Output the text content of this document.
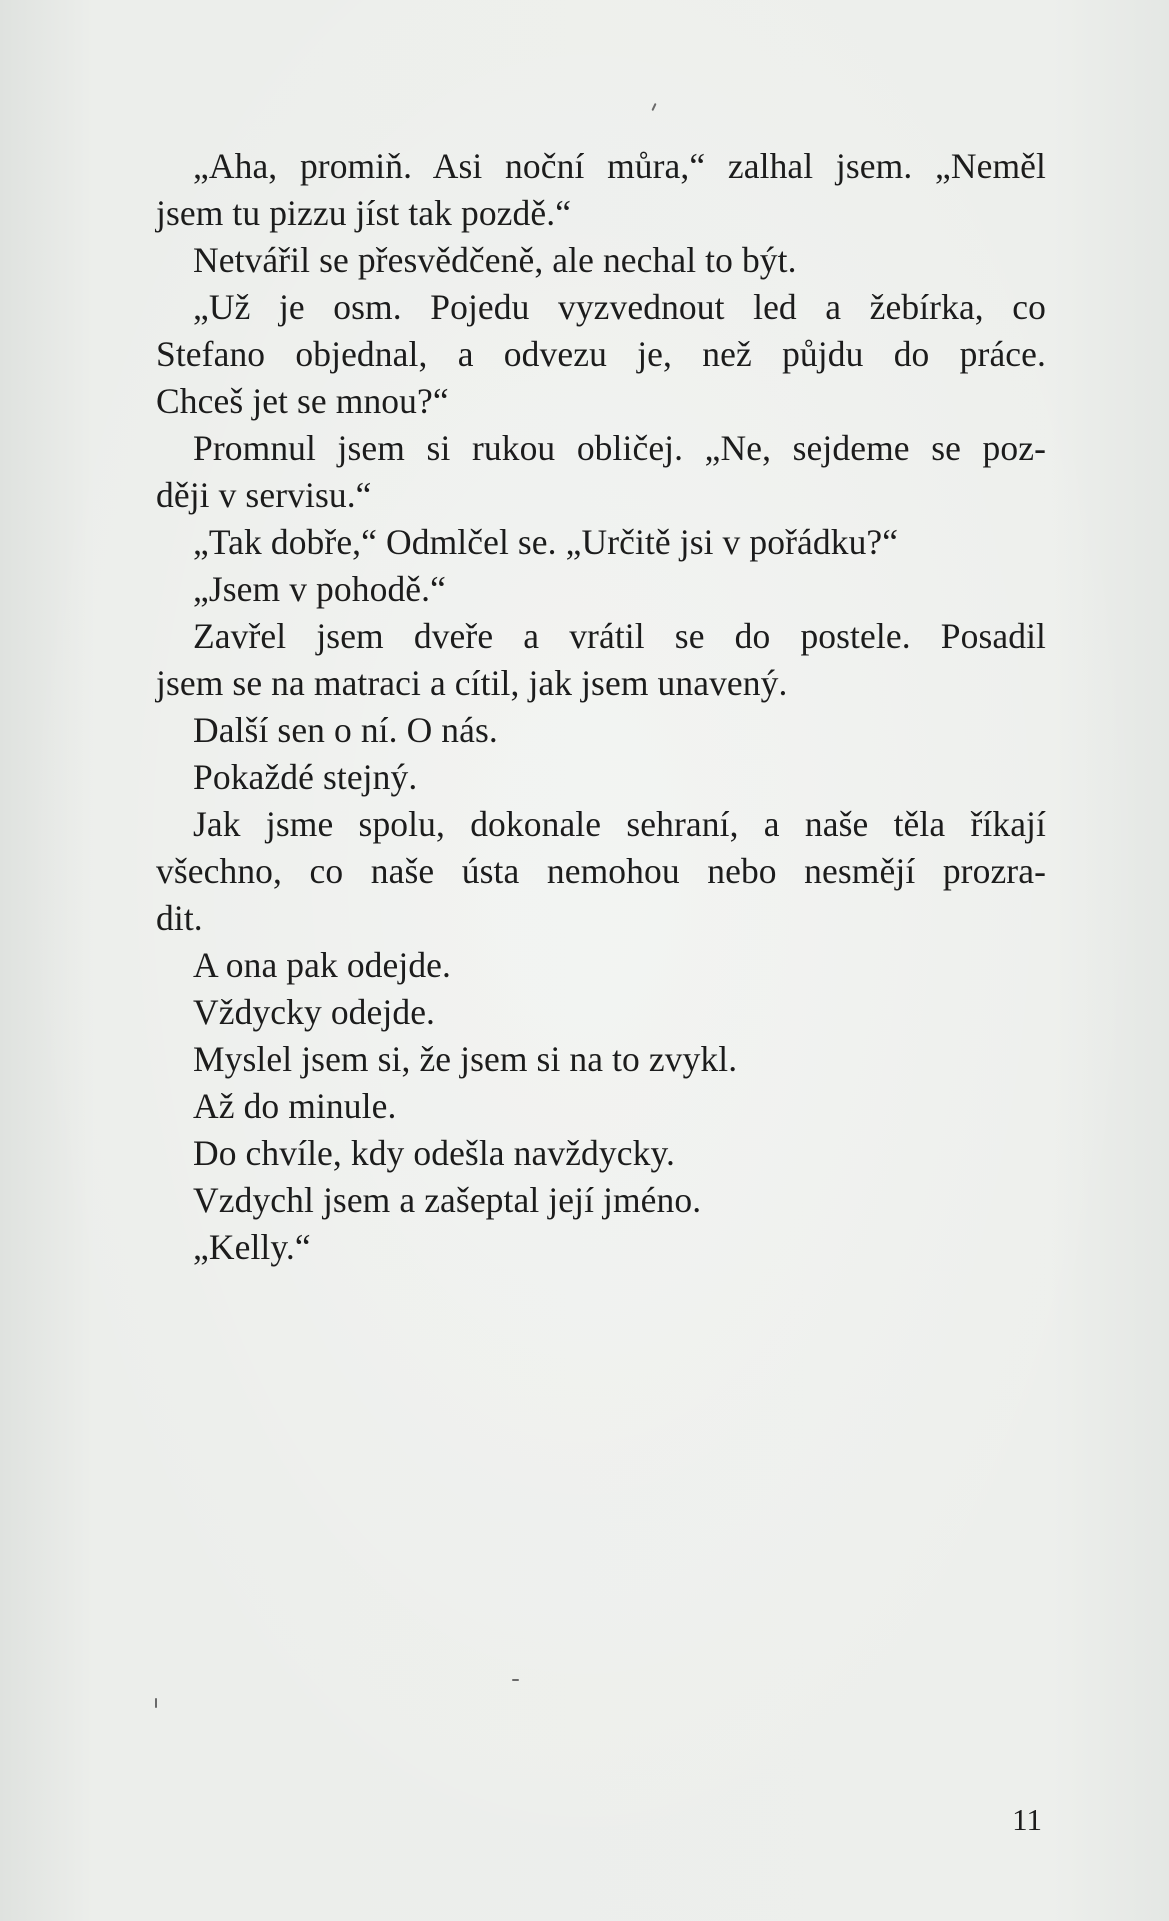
„Aha, promiň. Asi noční můra,“ zalhal jsem. „Neměl
jsem tu pizzu jíst tak pozdě.“
Netvářil se přesvědčeně, ale nechal to být.
„Už je osm. Pojedu vyzvednout led a žebírka, co
Stefano objednal, a odvezu je, než půjdu do práce.
Chceš jet se mnou?“
Promnul jsem si rukou obličej. „Ne, sejdeme se poz-
ději v servisu.“
„Tak dobře,“ Odmlčel se. „Určitě jsi v pořádku?“
„Jsem v pohodě.“
Zavřel jsem dveře a vrátil se do postele. Posadil
jsem se na matraci a cítil, jak jsem unavený.
Další sen o ní. O nás.
Pokaždé stejný.
Jak jsme spolu, dokonale sehraní, a naše těla říkají
všechno, co naše ústa nemohou nebo nesmějí prozra-
dit.
A ona pak odejde.
Vždycky odejde.
Myslel jsem si, že jsem si na to zvykl.
Až do minule.
Do chvíle, kdy odešla navždycky.
Vzdychl jsem a zašeptal její jméno.
„Kelly.“
11
